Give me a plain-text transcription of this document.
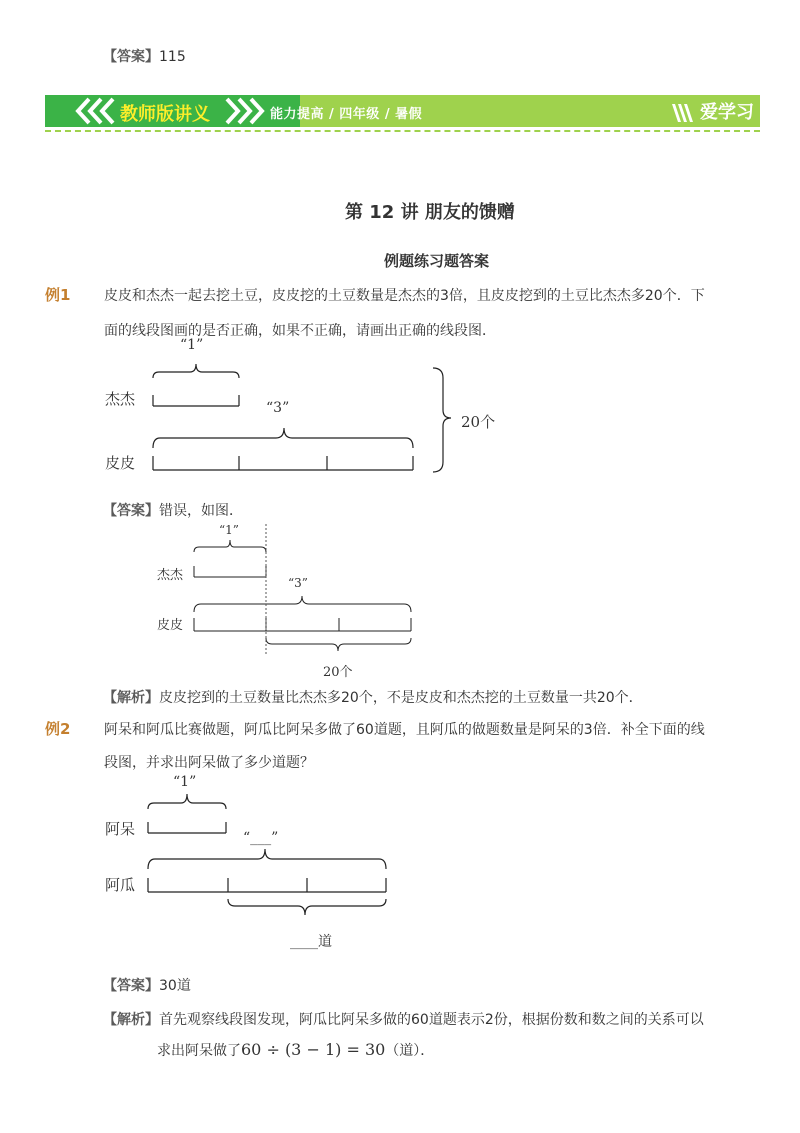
【答案】115
教师版讲义	能力提高 / 四年级 / 暑假	爱学习
第 12 讲 朋友的馈赠
例题练习题答案
例1 皮皮和杰杰一起去挖土豆，皮皮挖的土豆数量是杰杰的3倍，且皮皮挖到的土豆比杰杰多20个．下
面的线段图画的是否正确，如果不正确，请画出正确的线段图．
“1”
杰杰	“3”
皮皮
20个
【答案】错误，如图．
“1”
杰杰	“3”
皮皮
20个
【解析】皮皮挖到的土豆数量比杰杰多20个，不是皮皮和杰杰挖的土豆数量一共20个．
例2 阿呆和阿瓜比赛做题，阿瓜比阿呆多做了60道题，且阿瓜的做题数量是阿呆的3倍．补全下面的线
段图，并求出阿呆做了多少道题？
“1”
阿呆	“___”
阿瓜
____道
【答案】30道
【解析】首先观察线段图发现，阿瓜比阿呆多做的60道题表示2份，根据份数和数之间的关系可以
求出阿呆做了60 ÷ (3 − 1) = 30（道）．
